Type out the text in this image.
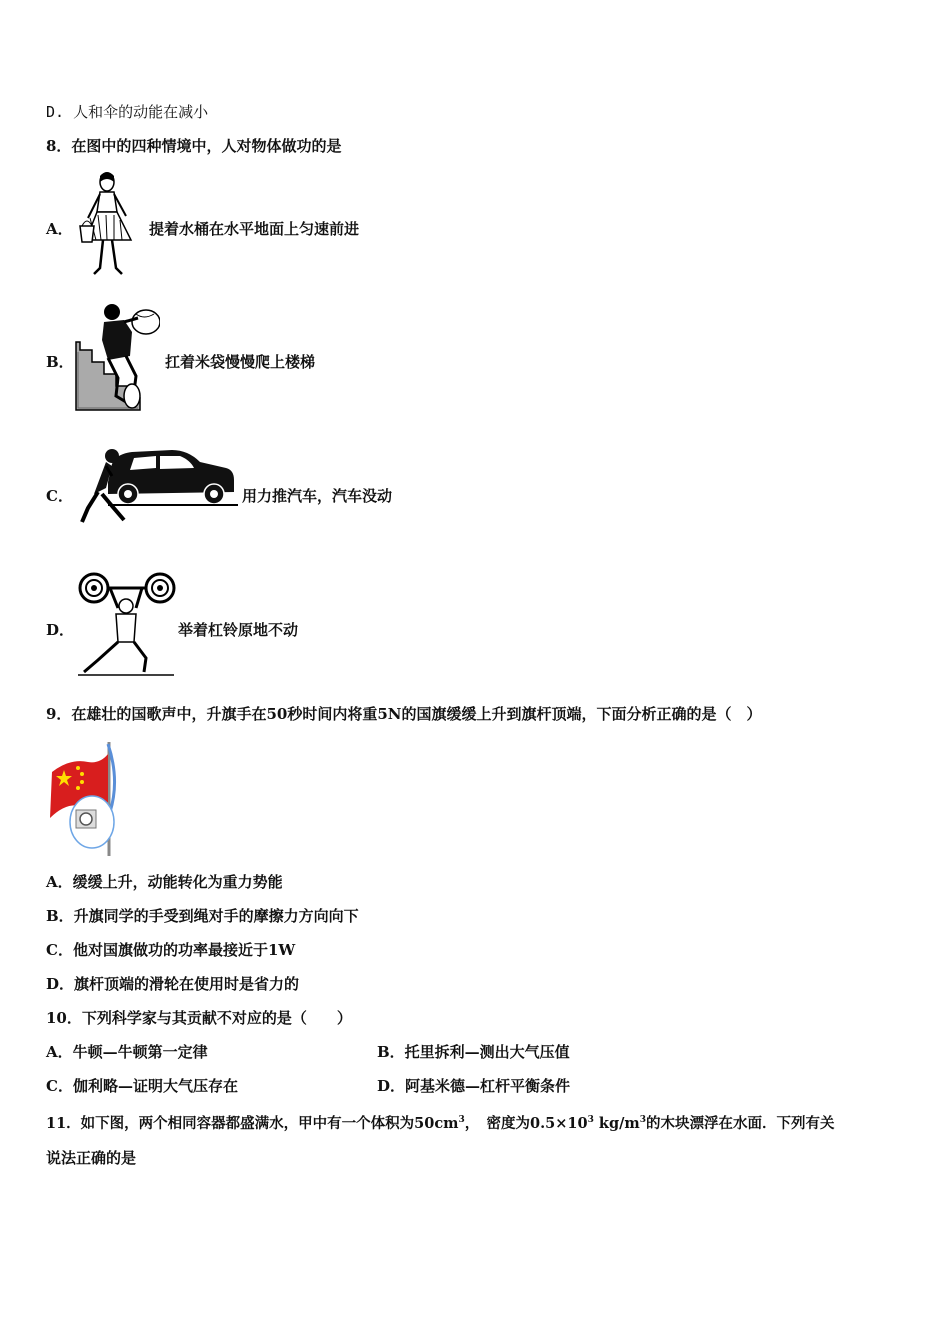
D. 人和伞的动能在减小
8．在图中的四种情境中，人对物体做功的是
A．	提着水桶在水平地面上匀速前进
B．	扛着米袋慢慢爬上楼梯
C．	用力推汽车，汽车没动
D．	举着杠铃原地不动
9．在雄壮的国歌声中，升旗手在50秒时间内将重5N的国旗缓缓上升到旗杆顶端，下面分析正确的是（　）
A．缓缓上升，动能转化为重力势能
B．升旗同学的手受到绳对手的摩擦力方向向下
C．他对国旗做功的功率最接近于1W
D．旗杆顶端的滑轮在使用时是省力的
10．下列科学家与其贡献不对应的是（　　）
A．牛顿—牛顿第一定律	B．托里拆利—测出大气压值
C．伽利略—证明大气压存在	D．阿基米德—杠杆平衡条件
11．如下图，两个相同容器都盛满水，甲中有一个体积为$50cm^3$，　密度为$0.5\times 10^3$ $kg/m^3$的木块漂浮在水面．下列有关
说法正确的是
